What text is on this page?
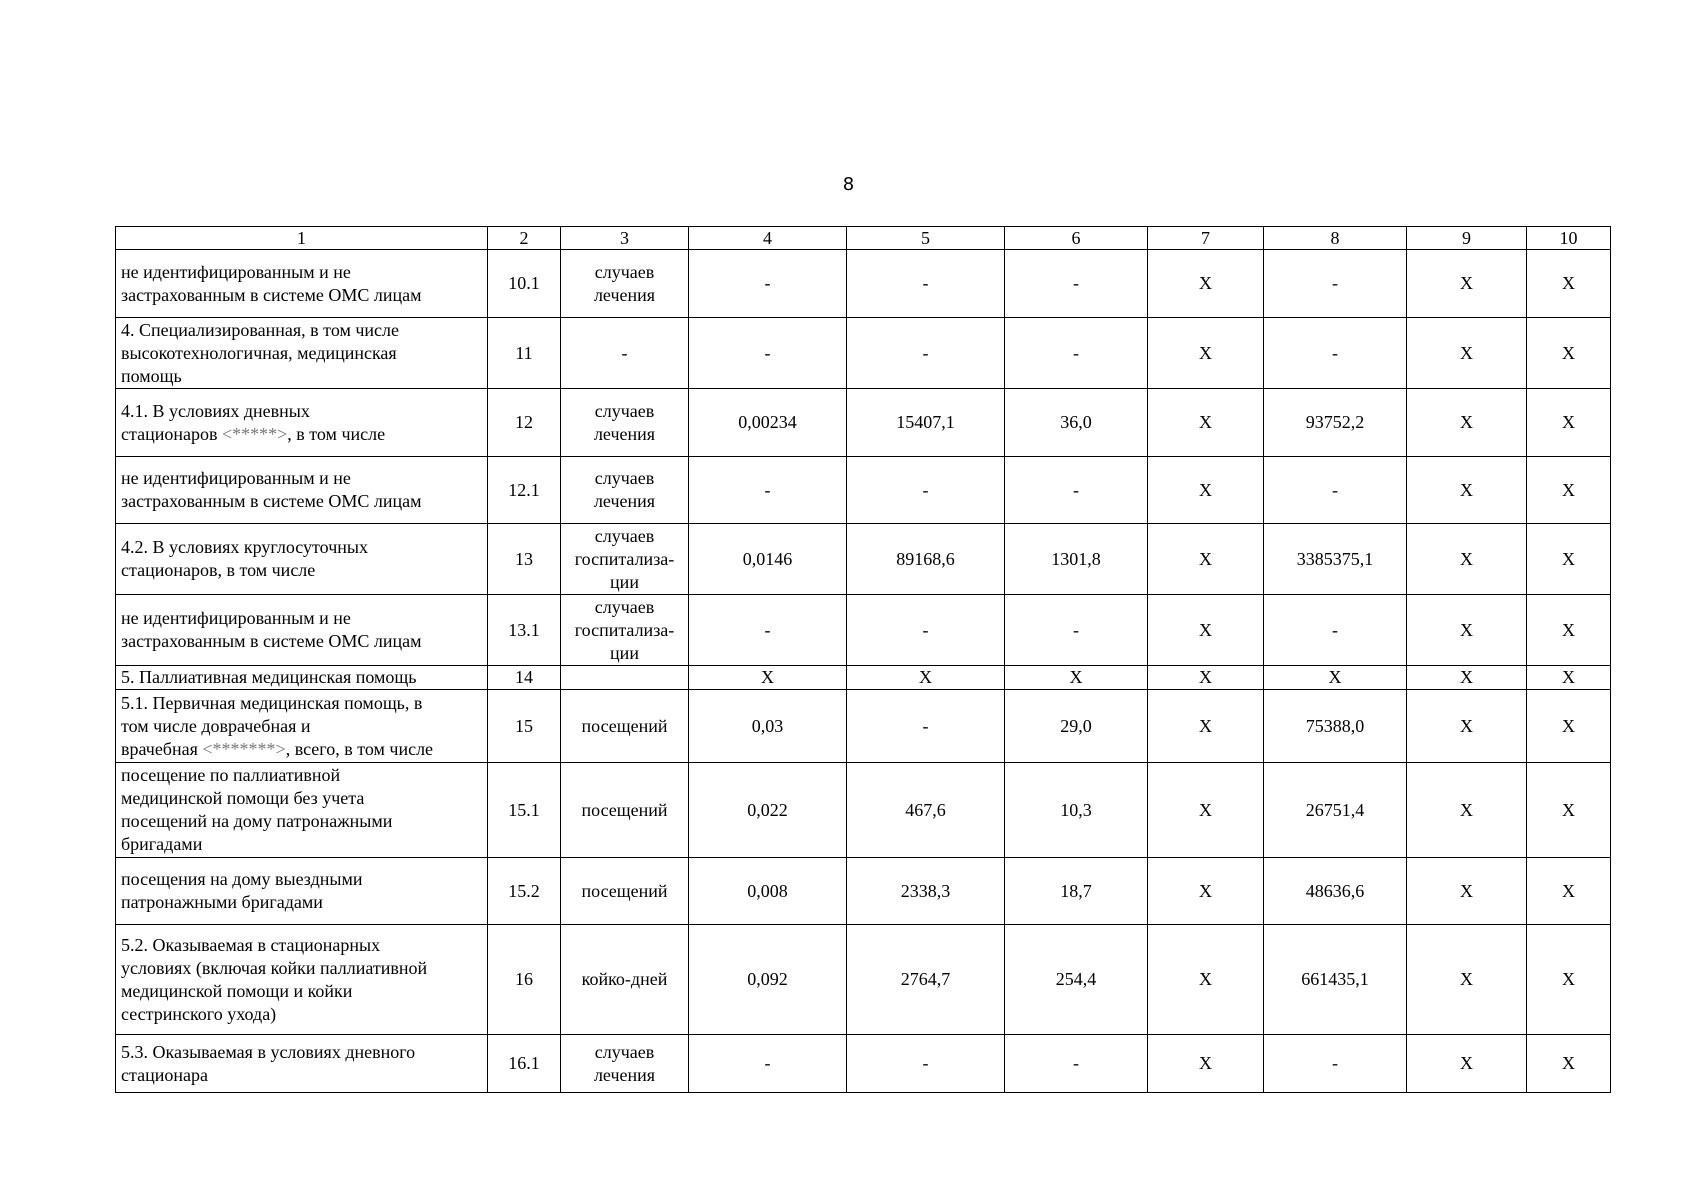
8
1	2	3	4	5	6	7	8	9	10
не идентифицированным и не
застрахованным в системе ОМС лицам	10.1	случаев
лечения	-	-	-	X	-	X	X
4. Специализированная, в том числе
высокотехнологичная, медицинская
помощь	11	-	-	-	-	X	-	X	X
4.1. В условиях дневных
стационаров <*****>, в том числе	12	случаев
лечения	0,00234	15407,1	36,0	X	93752,2	X	X
не идентифицированным и не
застрахованным в системе ОМС лицам	12.1	случаев
лечения	-	-	-	X	-	X	X
4.2. В условиях круглосуточных
стационаров, в том числе	13	случаев
госпитализа-
ции	0,0146	89168,6	1301,8	X	3385375,1	X	X
не идентифицированным и не
застрахованным в системе ОМС лицам	13.1	случаев
госпитализа-
ции	-	-	-	X	-	X	X
5. Паллиативная медицинская помощь	14		X	X	X	X	X	X	X
5.1. Первичная медицинская помощь, в
том числе доврачебная и
врачебная <*******>, всего, в том числе	15	посещений	0,03	-	29,0	X	75388,0	X	X
посещение по паллиативной
медицинской помощи без учета
посещений на дому патронажными
бригадами	15.1	посещений	0,022	467,6	10,3	X	26751,4	X	X
посещения на дому выездными
патронажными бригадами	15.2	посещений	0,008	2338,3	18,7	X	48636,6	X	X
5.2. Оказываемая в стационарных
условиях (включая койки паллиативной
медицинской помощи и койки
сестринского ухода)	16	койко-дней	0,092	2764,7	254,4	X	661435,1	X	X
5.3. Оказываемая в условиях дневного
стационара	16.1	случаев
лечения	-	-	-	X	-	X	X
